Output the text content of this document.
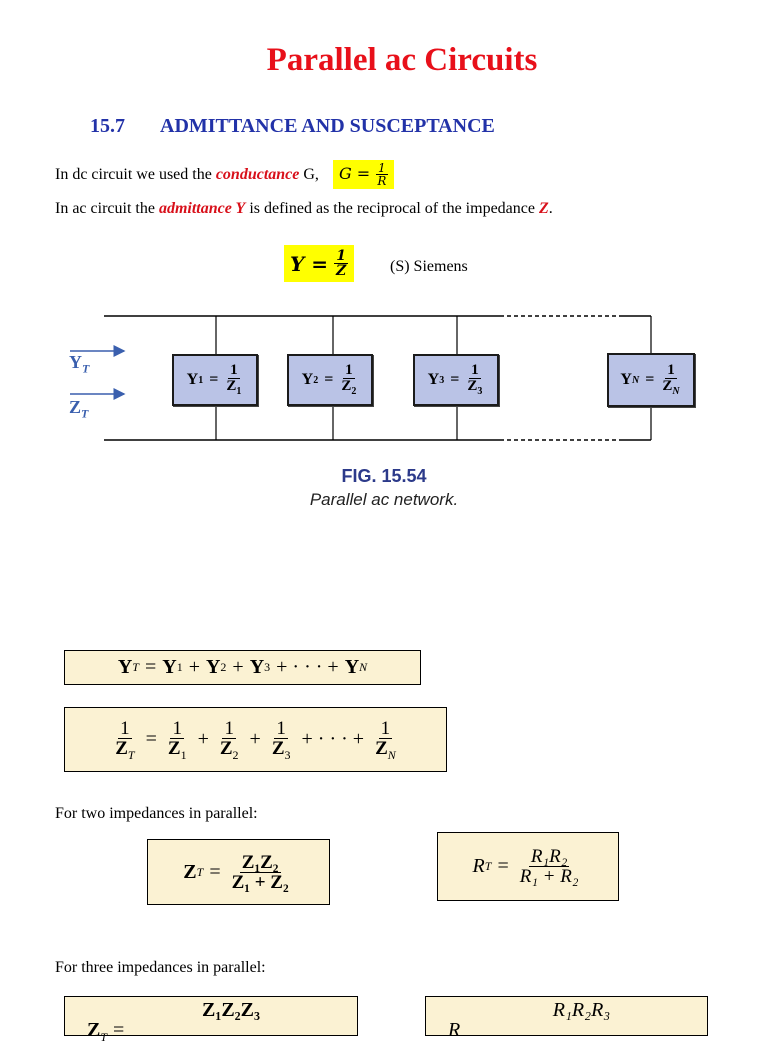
Parallel ac Circuits
15.7 ADMITTANCE AND SUSCEPTANCE
In dc circuit we used the conductance G, $G = \frac{1}{R}$
In ac circuit the admittance Y is defined as the reciprocal of the impedance Z.
$Y = \frac{1}{Z}$	(S) Siemens
$Y_T$
$Z_T$
Y $1 = \frac{1}{Z_1}$	Y $2 = \frac{1}{Z_2}$	Y $3 = \frac{1}{Z_3}$	Y $N = \frac{1}{Z_N}$
FIG. 15.54
Parallel ac network.
Y T = Y 1 + Y 2 + Y 3 + · · · + Y N
$\frac{1}{Z_T} = \frac{1}{Z_1} + \frac{1}{Z_2} + \frac{1}{Z_3}$ + · · · + $\frac{1}{Z_N}$
For two impedances in parallel:
Z $T = \frac{\text{Z₁Z₂}}{\text{Z₁ + Z₂}}$	R $T = \frac{\text{R₁R₂}}{\text{R₁ + R₂}}$
For three impedances in parallel:
$Z_T$ =
Z₁Z₂Z₃
R
R₁R₂R₃
